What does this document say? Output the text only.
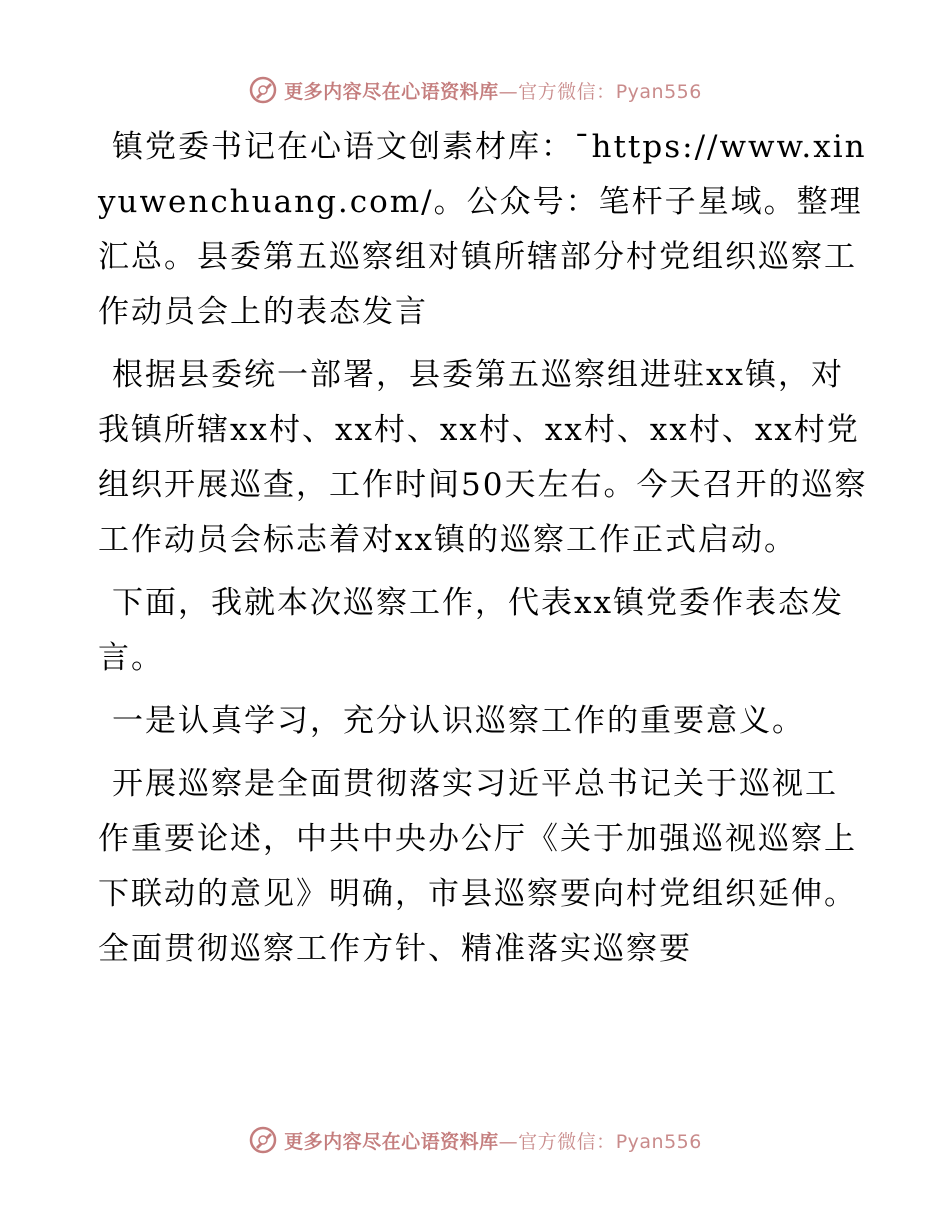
更多内容尽在心语资料库—官方微信：Pyan556

镇党委书记在心语文创素材库：¯https://www.xinyuwenchuang.com/。公众号：笔杆子星域。整理汇总。县委第五巡察组对镇所辖部分村党组织巡察工作动员会上的表态发言

根据县委统一部署，县委第五巡察组进驻xx镇，对我镇所辖xx村、xx村、xx村、xx村、xx村、xx村党组织开展巡查，工作时间50天左右。今天召开的巡察工作动员会标志着对xx镇的巡察工作正式启动。

下面，我就本次巡察工作，代表xx镇党委作表态发言。

一是认真学习，充分认识巡察工作的重要意义。

开展巡察是全面贯彻落实习近平总书记关于巡视工作重要论述，中共中央办公厅《关于加强巡视巡察上下联动的意见》明确，市县巡察要向村党组织延伸。全面贯彻巡察工作方针、精准落实巡察要

更多内容尽在心语资料库—官方微信：Pyan556
